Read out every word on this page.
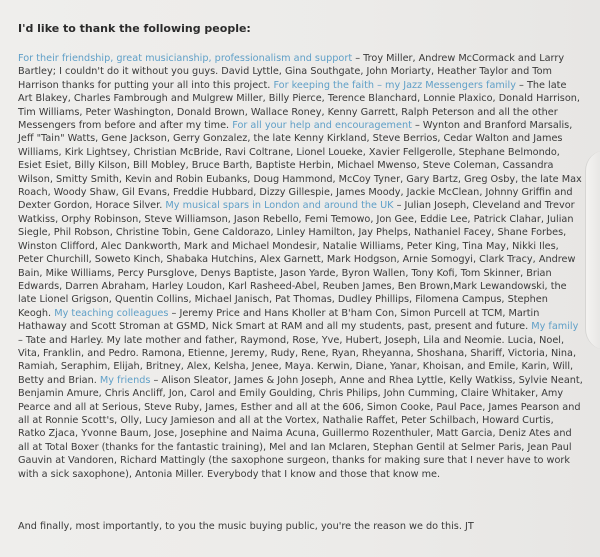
I'd like to thank the following people:

For their friendship, great musicianship, professionalism and support – Troy Miller, Andrew McCormack and Larry Bartley; I couldn't do it without you guys. David Lyttle, Gina Southgate, John Moriarty, Heather Taylor and Tom Harrison thanks for putting your all into this project. For keeping the faith – my Jazz Messengers family – The late Art Blakey, Charles Fambrough and Mulgrew Miller, Billy Pierce, Terence Blanchard, Lonnie Plaxico, Donald Harrison, Tim Williams, Peter Washington, Donald Brown, Wallace Roney, Kenny Garrett, Ralph Peterson and all the other Messengers from before and after my time. For all your help and encouragement – Wynton and Branford Marsalis, Jeff "Tain" Watts, Gene Jackson, Gerry Gonzalez, the late Kenny Kirkland, Steve Berrios, Cedar Walton and James Williams, Kirk Lightsey, Christian McBride, Ravi Coltrane, Lionel Loueke, Xavier Fellgerolle, Stephane Belmondo, Esiet Esiet, Billy Kilson, Bill Mobley, Bruce Barth, Baptiste Herbin, Michael Mwenso, Steve Coleman, Cassandra Wilson, Smitty Smith, Kevin and Robin Eubanks, Doug Hammond, McCoy Tyner, Gary Bartz, Greg Osby, the late Max Roach, Woody Shaw, Gil Evans, Freddie Hubbard, Dizzy Gillespie, James Moody, Jackie McClean, Johnny Griffin and Dexter Gordon, Horace Silver. My musical spars in London and around the UK – Julian Joseph, Cleveland and Trevor Watkiss, Orphy Robinson, Steve Williamson, Jason Rebello, Femi Temowo, Jon Gee, Eddie Lee, Patrick Clahar, Julian Siegle, Phil Robson, Christine Tobin, Gene Caldorazo, Linley Hamilton, Jay Phelps, Nathaniel Facey, Shane Forbes, Winston Clifford, Alec Dankworth, Mark and Michael Mondesir, Natalie Williams, Peter King, Tina May, Nikki Iles, Peter Churchill, Soweto Kinch, Shabaka Hutchins, Alex Garnett, Mark Hodgson, Arnie Somogyi, Clark Tracy, Andrew Bain, Mike Williams, Percy Pursglove, Denys Baptiste, Jason Yarde, Byron Wallen, Tony Kofi, Tom Skinner, Brian Edwards, Darren Abraham, Harley Loudon, Karl Rasheed-Abel, Reuben James, Ben Brown,Mark Lewandowski, the late Lionel Grigson, Quentin Collins, Michael Janisch, Pat Thomas, Dudley Phillips, Filomena Campus, Stephen Keogh. My teaching colleagues – Jeremy Price and Hans Kholler at B'ham Con, Simon Purcell at TCM, Martin Hathaway and Scott Stroman at GSMD, Nick Smart at RAM and all my students, past, present and future. My family – Tate and Harley. My late mother and father, Raymond, Rose, Yve, Hubert, Joseph, Lila and Neomie. Lucia, Noel, Vita, Franklin, and Pedro. Ramona, Etienne, Jeremy, Rudy, Rene, Ryan, Rheyanna, Shoshana, Shariff, Victoria, Nina, Ramiah, Seraphim, Elijah, Britney, Alex, Kelsha, Jenee, Maya. Kerwin, Diane, Yanar, Khoisan, and Emile, Karin, Will, Betty and Brian. My friends – Alison Sleator, James & John Joseph, Anne and Rhea Lyttle, Kelly Watkiss, Sylvie Neant, Benjamin Amure, Chris Ancliff, Jon, Carol and Emily Goulding, Chris Philips, John Cumming, Claire Whitaker, Amy Pearce and all at Serious, Steve Ruby, James, Esther and all at the 606, Simon Cooke, Paul Pace, James Pearson and all at Ronnie Scott's, Olly, Lucy Jamieson and all at the Vortex, Nathalie Raffet, Peter Schilbach, Howard Curtis, Ratko Zjaca, Yvonne Baum, Jose, Josephine and Naima Acuna, Guillermo Rozenthuler, Matt Garcia, Deniz Ates and all at Total Boxer (thanks for the fantastic training), Mel and Ian Mclaren, Stephan Gentil at Selmer Paris, Jean Paul Gauvin at Vandoren, Richard Mattingly (the saxophone surgeon, thanks for making sure that I never have to work with a sick saxophone), Antonia Miller. Everybody that I know and those that know me.

And finally, most importantly, to you the music buying public, you're the reason we do this. JT
